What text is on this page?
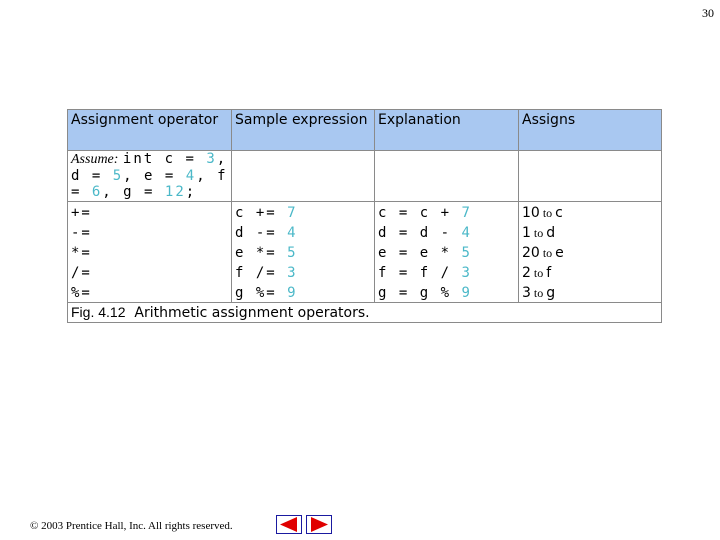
30
Assignment operator	Sample expression	Explanation	Assigns
Assume: int c = 3, d = 5, e = 4, f = 6, g = 12;			
+=	c += 7	c = c + 7	10 to c
-=	d -= 4	d = d - 4	1 to d
*=	e *= 5	e = e * 5	20 to e
/=	f /= 3	f = f / 3	2 to f
%=	g %= 9	g = g % 9	3 to g
Fig. 4.12 Arithmetic assignment operators.			
© 2003 Prentice Hall, Inc. All rights reserved.
